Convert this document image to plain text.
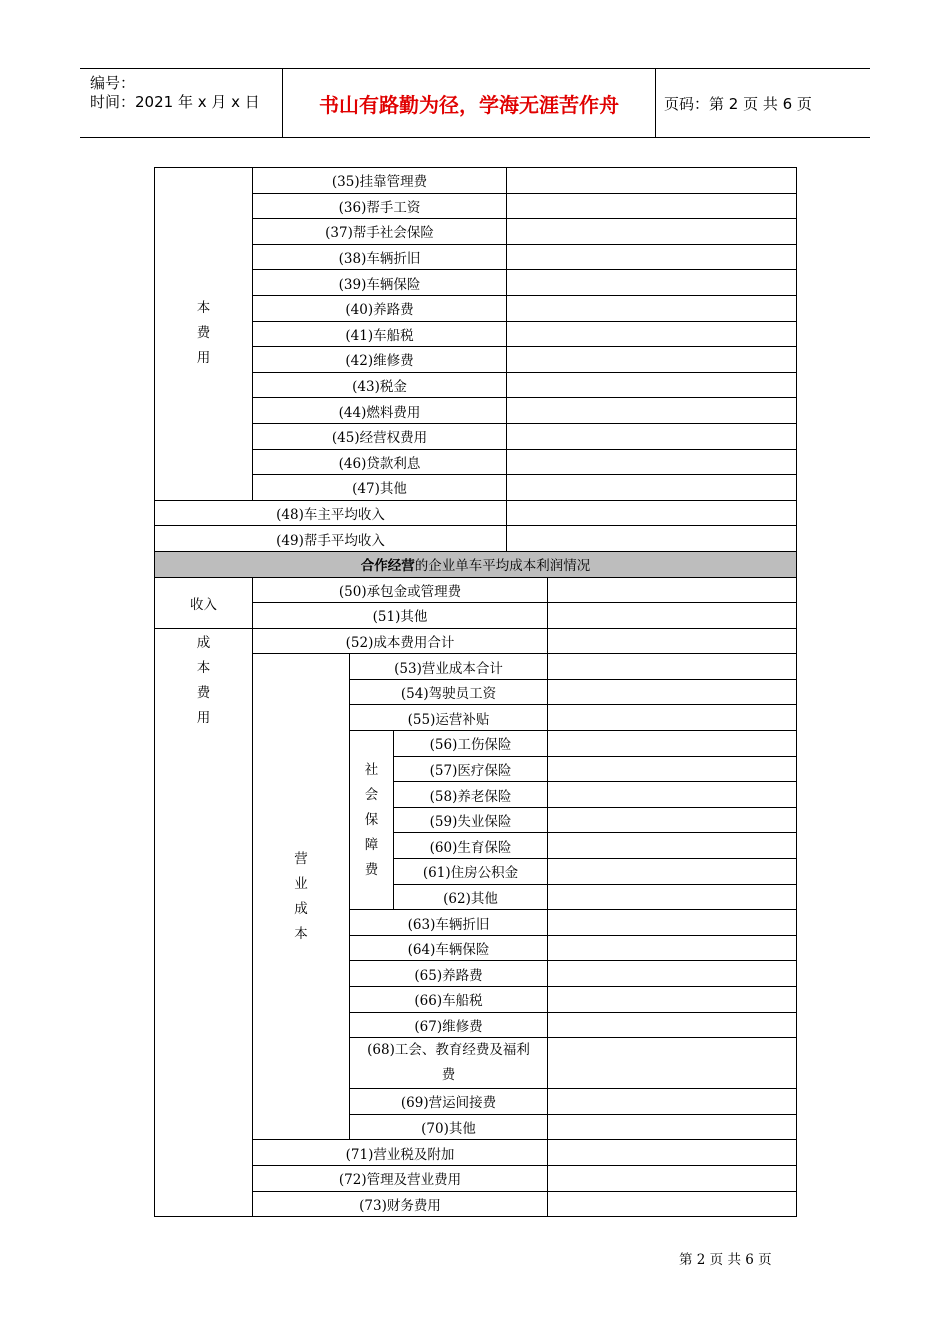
编号：
时间：2021 年 x 月 x 日	书山有路勤为径，学海无涯苦作舟	页码：第 2 页 共 6 页
本费用	(35)挂靠管理费				
	(36)帮手工资				
	(37)帮手社会保险				
	(38)车辆折旧				
	(39)车辆保险				
	(40)养路费				
	(41)车船税				
	(42)维修费				
	(43)税金				
	(44)燃料费用				
	(45)经营权费用				
	(46)贷款利息				
	(47)其他				
(48)车主平均收入					
(49)帮手平均收入					
合作经营的企业单车平均成本利润情况					
收入	(50)承包金或管理费				
	(51)其他				
成本费用	(52)成本费用合计				
	营业成本	(53)营业成本合计			
		(54)驾驶员工资			
		(55)运营补贴			
		社会保障费	(56)工伤保险		
			(57)医疗保险		
			(58)养老保险		
			(59)失业保险		
			(60)生育保险		
			(61)住房公积金		
			(62)其他		
		(63)车辆折旧			
		(64)车辆保险			
		(65)养路费			
		(66)车船税			
		(67)维修费			

		(68)工会、教育经费及福利
费			

		(69)营运间接费			
		(70)其他			
	(71)营业税及附加				
	(72)管理及营业费用				
	(73)财务费用				
第 2 页 共 6 页
